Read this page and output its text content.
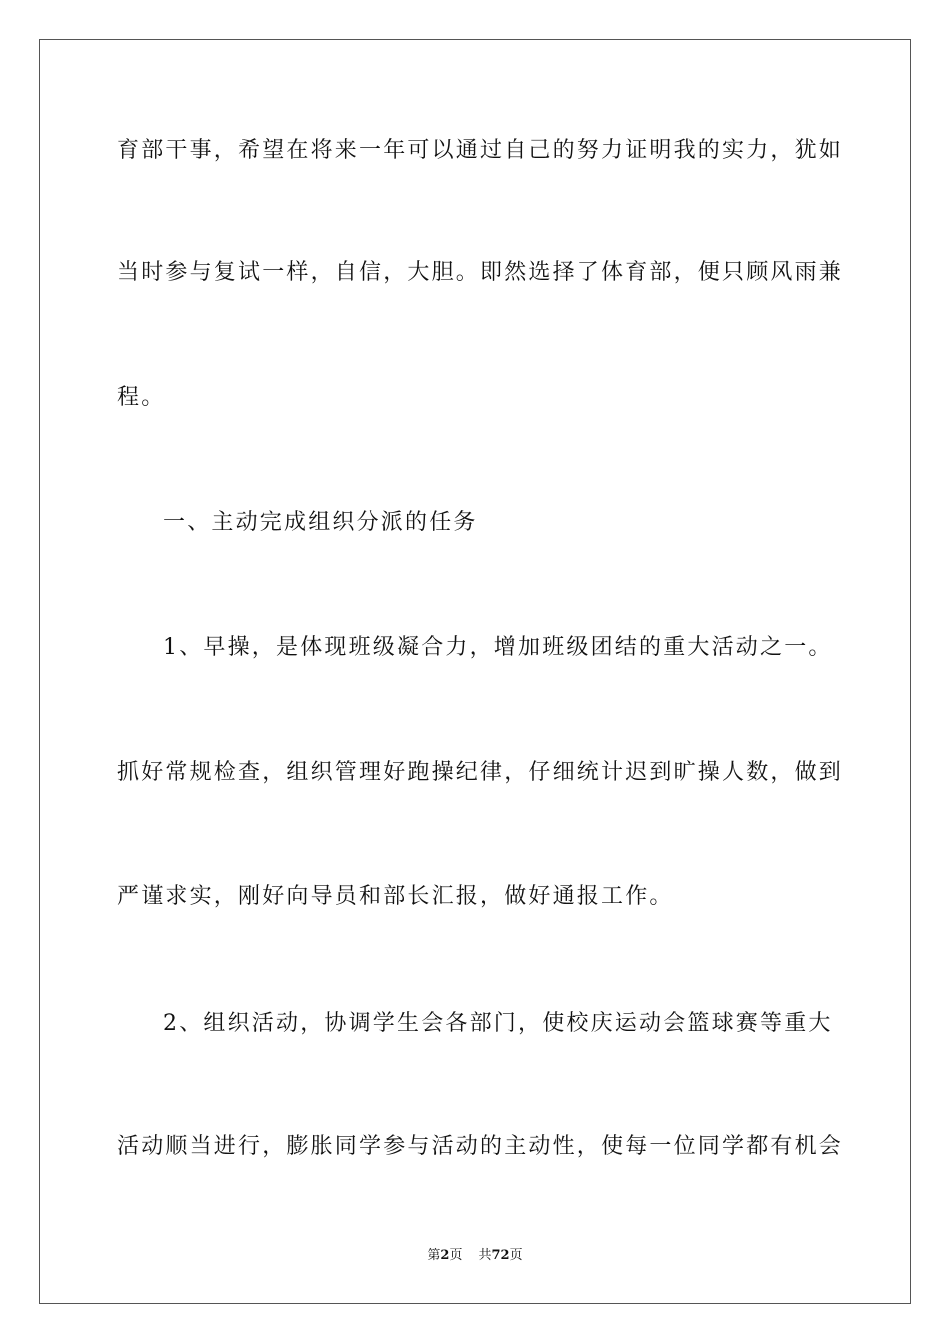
育部干事，希望在将来一年可以通过自己的努力证明我的实力，犹如
当时参与复试一样，自信，大胆。即然选择了体育部，便只顾风雨兼
程。
一、主动完成组织分派的任务
1、早操，是体现班级凝合力，增加班级团结的重大活动之一。
抓好常规检查，组织管理好跑操纪律，仔细统计迟到旷操人数，做到
严谨求实，刚好向导员和部长汇报，做好通报工作。
2、组织活动，协调学生会各部门，使校庆运动会篮球赛等重大
活动顺当进行，膨胀同学参与活动的主动性，使每一位同学都有机会
第2页 共72页
